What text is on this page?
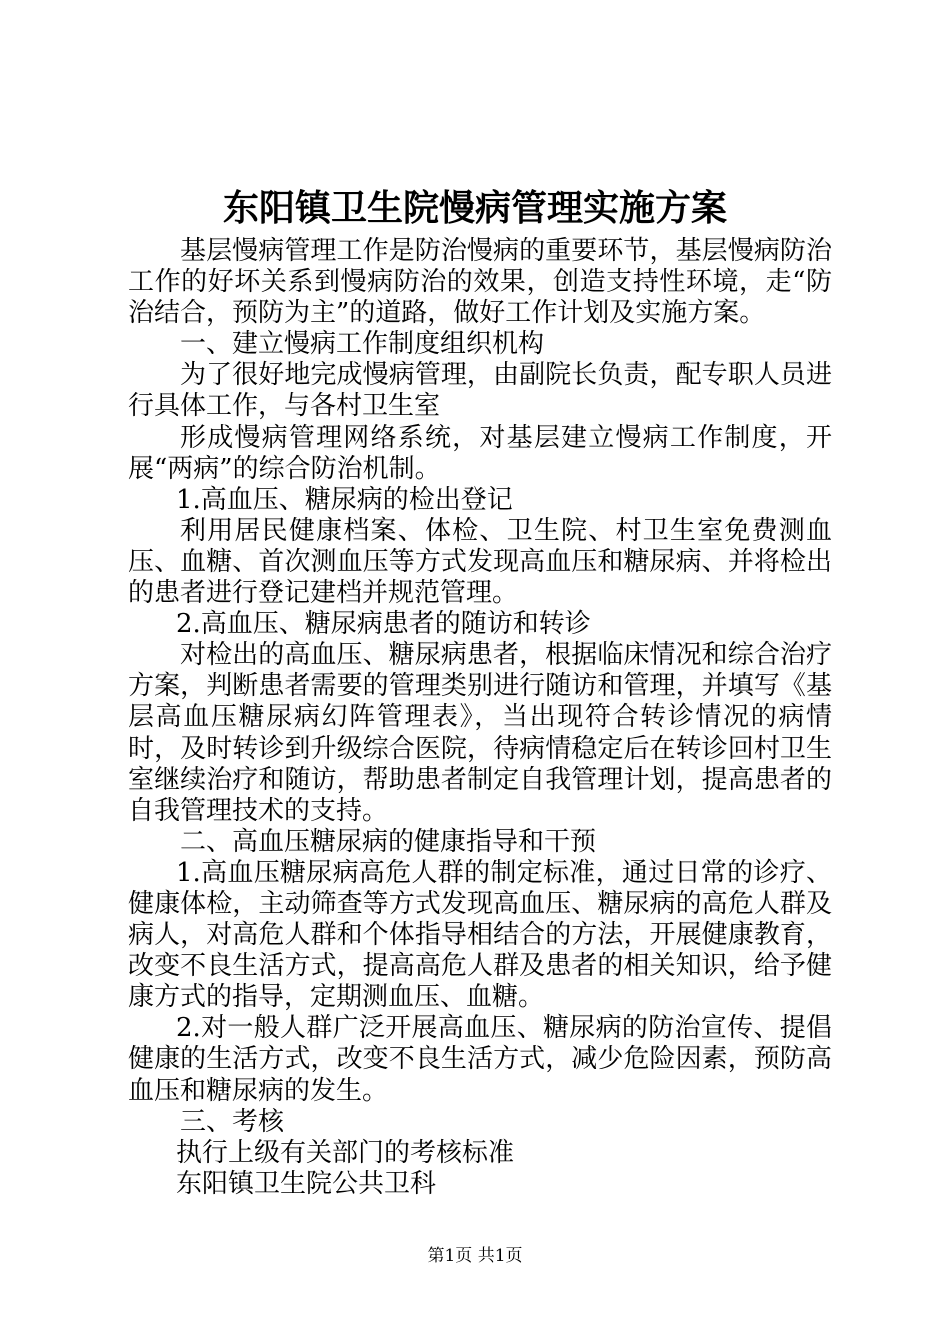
东阳镇卫生院慢病管理实施方案

基层慢病管理工作是防治慢病的重要环节，基层慢病防治工作的好坏关系到慢病防治的效果，创造支持性环境，走“防治结合，预防为主”的道路，做好工作计划及实施方案。

一、建立慢病工作制度组织机构

为了很好地完成慢病管理，由副院长负责，配专职人员进行具体工作，与各村卫生室

形成慢病管理网络系统，对基层建立慢病工作制度，开展“两病”的综合防治机制。

1.高血压、糖尿病的检出登记

利用居民健康档案、体检、卫生院、村卫生室免费测血压、血糖、首次测血压等方式发现高血压和糖尿病、并将检出的患者进行登记建档并规范管理。

2.高血压、糖尿病患者的随访和转诊

对检出的高血压、糖尿病患者，根据临床情况和综合治疗方案，判断患者需要的管理类别进行随访和管理，并填写《基层高血压糖尿病幻阵管理表》，当出现符合转诊情况的病情时，及时转诊到升级综合医院，待病情稳定后在转诊回村卫生室继续治疗和随访，帮助患者制定自我管理计划，提高患者的自我管理技术的支持。

二、高血压糖尿病的健康指导和干预

1.高血压糖尿病高危人群的制定标准，通过日常的诊疗、健康体检，主动筛查等方式发现高血压、糖尿病的高危人群及病人，对高危人群和个体指导相结合的方法，开展健康教育，改变不良生活方式，提高高危人群及患者的相关知识，给予健康方式的指导，定期测血压、血糖。

2.对一般人群广泛开展高血压、糖尿病的防治宣传、提倡健康的生活方式，改变不良生活方式，减少危险因素，预防高血压和糖尿病的发生。

三、考核

执行上级有关部门的考核标准

东阳镇卫生院公共卫科

第1页 共1页
